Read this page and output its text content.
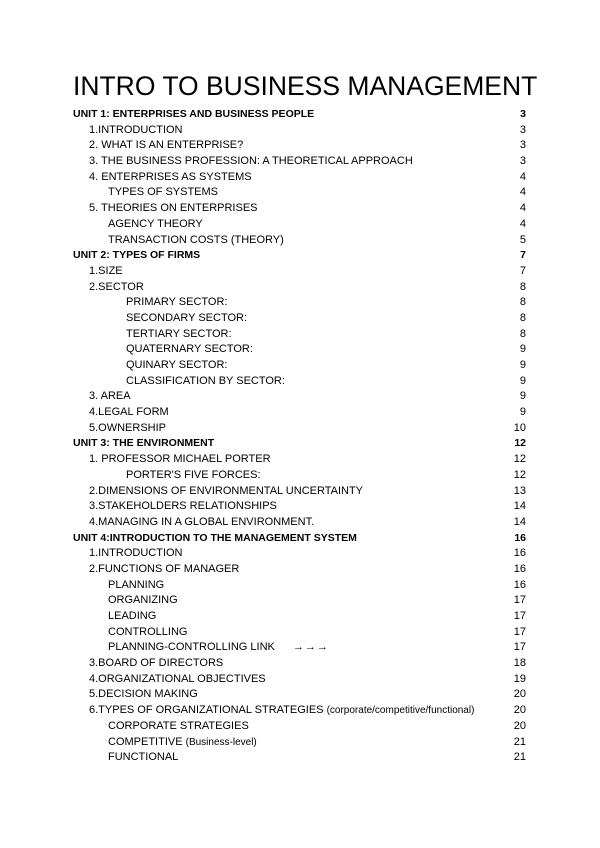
INTRO TO BUSINESS MANAGEMENT
UNIT 1: ENTERPRISES AND BUSINESS PEOPLE	3
1.INTRODUCTION	3
2. WHAT IS AN ENTERPRISE?	3
3. THE BUSINESS PROFESSION: A THEORETICAL APPROACH	3
4. ENTERPRISES AS SYSTEMS	4
TYPES OF SYSTEMS	4
5. THEORIES ON ENTERPRISES	4
AGENCY THEORY	4
TRANSACTION COSTS (THEORY)	5
UNIT 2: TYPES OF FIRMS	7
1.SIZE	7
2.SECTOR	8
PRIMARY SECTOR:	8
SECONDARY SECTOR:	8
TERTIARY SECTOR:	8
QUATERNARY SECTOR:	9
QUINARY SECTOR:	9
CLASSIFICATION BY SECTOR:	9
3. AREA	9
4.LEGAL FORM	9
5.OWNERSHIP	10
UNIT 3: THE ENVIRONMENT	12
1. PROFESSOR MICHAEL PORTER	12
PORTER'S FIVE FORCES:	12
2.DIMENSIONS OF ENVIRONMENTAL UNCERTAINTY	13
3.STAKEHOLDERS RELATIONSHIPS	14
4.MANAGING IN A GLOBAL ENVIRONMENT.	14
UNIT 4:INTRODUCTION TO THE MANAGEMENT SYSTEM	16
1.INTRODUCTION	16
2.FUNCTIONS OF MANAGER	16
PLANNING	16
ORGANIZING	17
LEADING	17
CONTROLLING	17
PLANNING-CONTROLLING LINK →→→	17
3.BOARD OF DIRECTORS	18
4.ORGANIZATIONAL OBJECTIVES	19
5.DECISION MAKING	20
6.TYPES OF ORGANIZATIONAL STRATEGIES (corporate/competitive/functional)	20
CORPORATE STRATEGIES	20
COMPETITIVE (Business-level)	21
FUNCTIONAL	21
